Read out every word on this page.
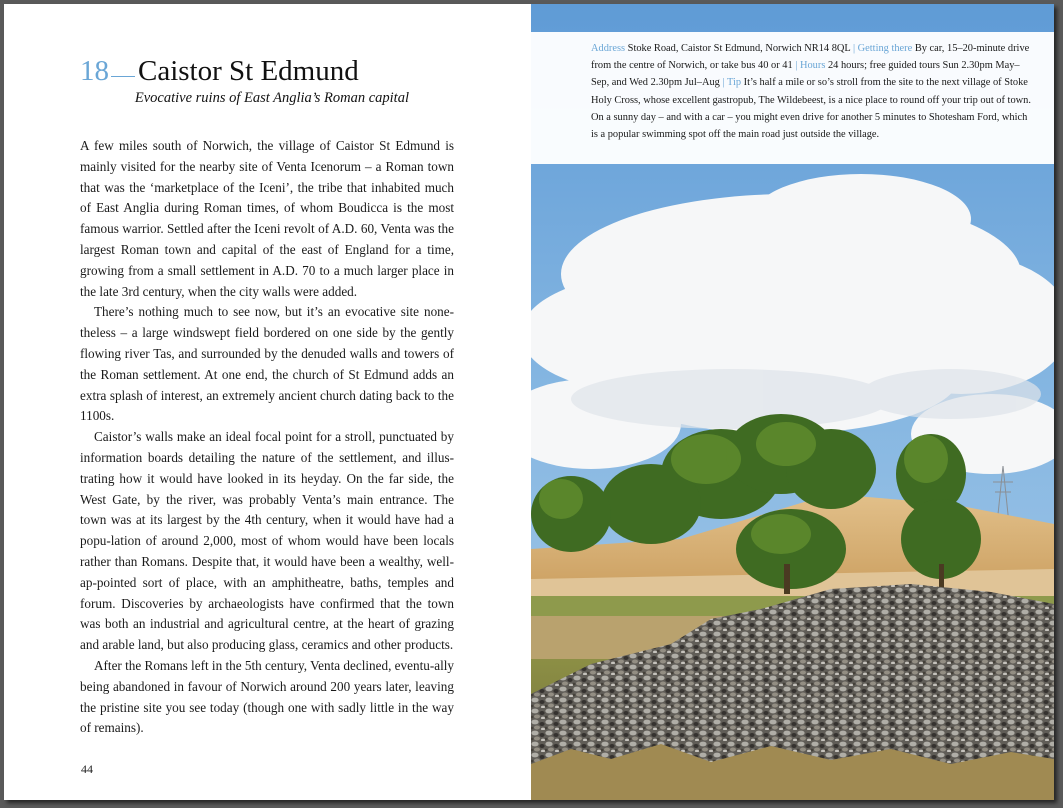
18 Caistor St Edmund
Evocative ruins of East Anglia’s Roman capital

A few miles south of Norwich, the village of Caistor St Edmund is mainly visited for the nearby site of Venta Icenorum – a Roman town that was the ‘marketplace of the Iceni’, the tribe that inhabited much of East Anglia during Roman times, of whom Boudicca is the most famous warrior. Settled after the Iceni revolt of A.D. 60, Venta was the largest Roman town and capital of the east of England for a time, growing from a small settlement in A.D. 70 to a much larger place in the late 3rd century, when the city walls were added.

There’s nothing much to see now, but it’s an evocative site none-theless – a large windswept field bordered on one side by the gently flowing river Tas, and surrounded by the denuded walls and towers of the Roman settlement. At one end, the church of St Edmund adds an extra splash of interest, an extremely ancient church dating back to the 1100s.

Caistor’s walls make an ideal focal point for a stroll, punctuated by information boards detailing the nature of the settlement, and illus-trating how it would have looked in its heyday. On the far side, the West Gate, by the river, was probably Venta’s main entrance. The town was at its largest by the 4th century, when it would have had a popu-lation of around 2,000, most of whom would have been locals rather than Romans. Despite that, it would have been a wealthy, well-ap-pointed sort of place, with an amphitheatre, baths, temples and forum. Discoveries by archaeologists have confirmed that the town was both an industrial and agricultural centre, at the heart of grazing and arable land, but also producing glass, ceramics and other products.

After the Romans left in the 5th century, Venta declined, eventu-ally being abandoned in favour of Norwich around 200 years later, leaving the pristine site you see today (though one with sadly little in the way of remains).

44
Address Stoke Road, Caistor St Edmund, Norwich NR14 8QL | Getting there By car, 15–20-minute drive from the centre of Norwich, or take bus 40 or 41 | Hours 24 hours; free guided tours Sun 2.30pm May–Sep, and Wed 2.30pm Jul–Aug | Tip It’s half a mile or so’s stroll from the site to the next village of Stoke Holy Cross, whose excellent gastropub, The Wildebeest, is a nice place to round off your trip out of town. On a sunny day – and with a car – you might even drive for another 5 minutes to Shotesham Ford, which is a popular swimming spot off the main road just outside the village.
